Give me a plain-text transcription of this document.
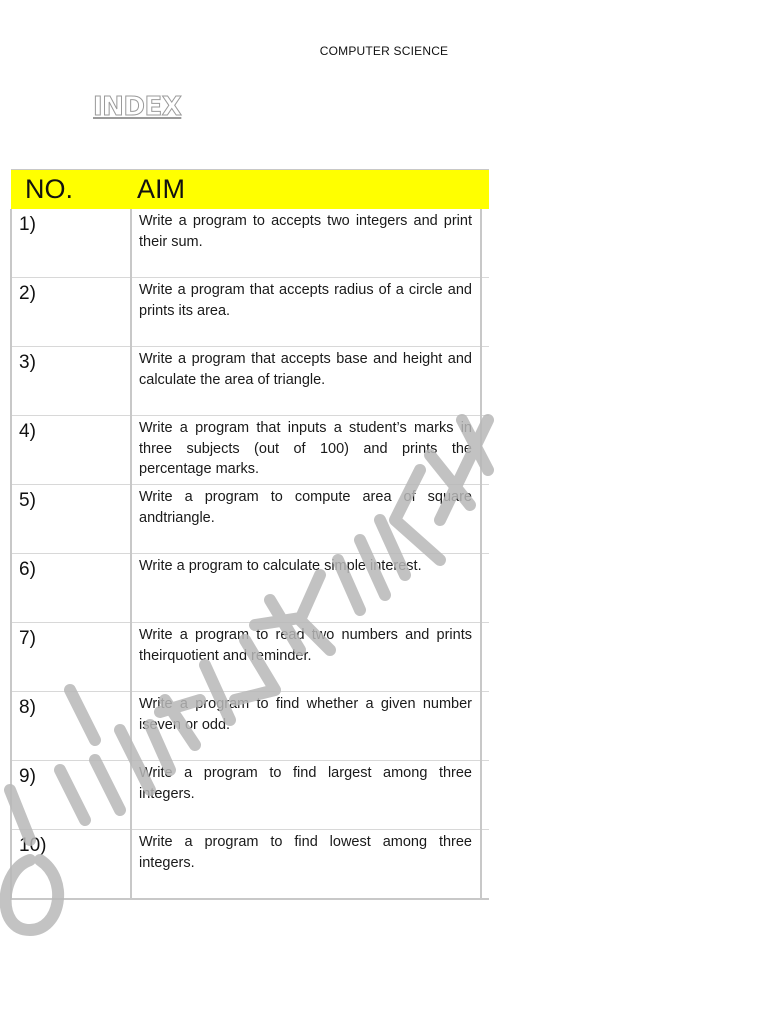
COMPUTER SCIENCE
INDEX
NO.	AIM	
1)	Write a program to accepts two integers and print their sum.	
2)	Write a program that accepts radius of a circle and prints its area.	
3)	Write a program that accepts base and height and calculate the area of triangle.	
4)	Write a program that inputs a student’s marks in three subjects (out of 100) and prints the percentage marks.	
5)	Write a program to compute area of square andtriangle.	
6)	Write a program to calculate simple interest.	
7)	Write a program to read two numbers and prints theirquotient and reminder.	
8)	Write a program to find whether a given number iseven or odd.	
9)	Write a program to find largest among three integers.	
10)	Write a program to find lowest among three integers.	
